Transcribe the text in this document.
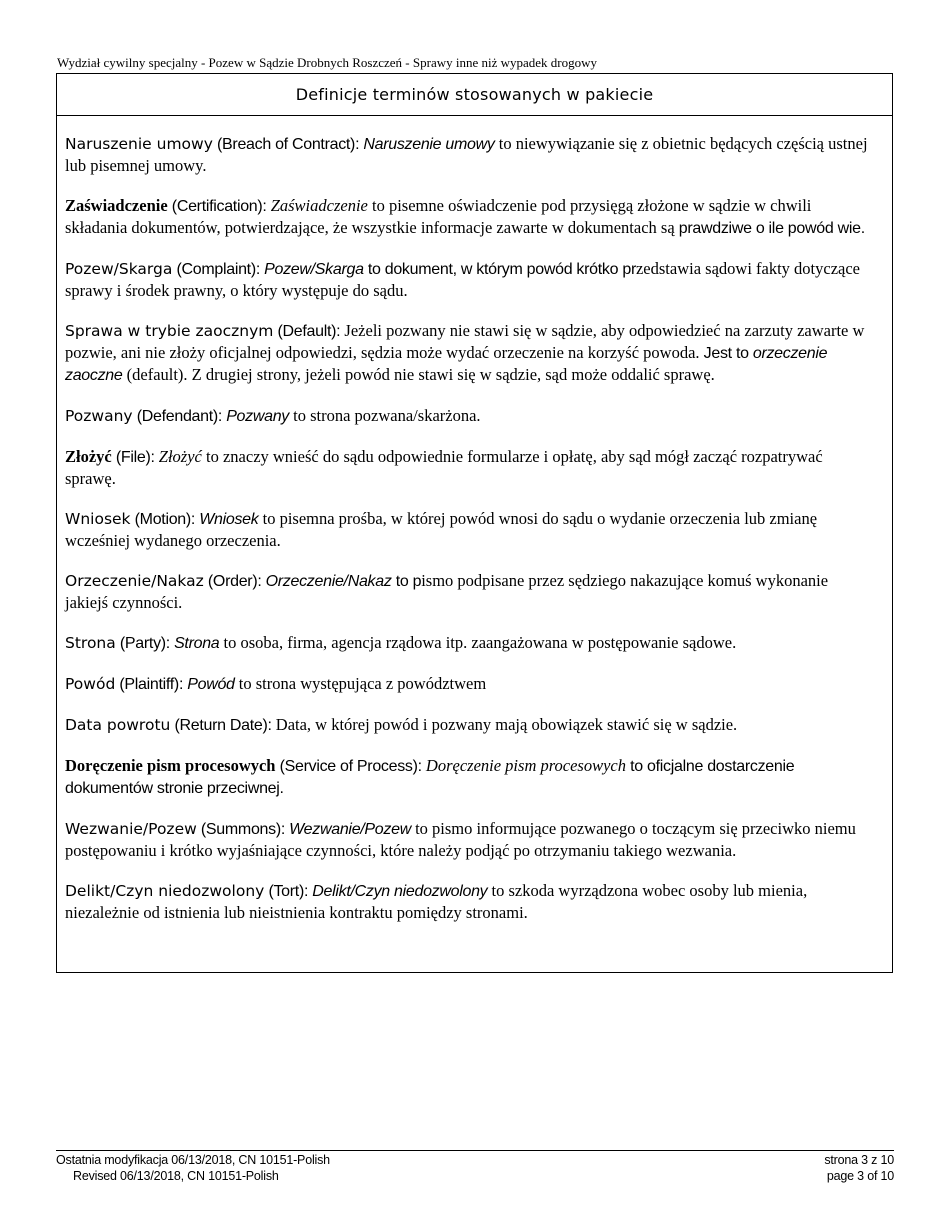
Wydział cywilny specjalny - Pozew w Sądzie Drobnych Roszczeń - Sprawy inne niż wypadek drogowy
Definicje terminów stosowanych w pakiecie

Naruszenie umowy (Breach of Contract): Naruszenie umowy to niewywiązanie się z obietnic będących częścią ustnej lub pisemnej umowy.

Zaświadczenie (Certification): Zaświadczenie to pisemne oświadczenie pod przysięgą złożone w sądzie w chwili składania dokumentów, potwierdzające, że wszystkie informacje zawarte w dokumentach są prawdziwe o ile powód wie.

Pozew/Skarga (Complaint): Pozew/Skarga to dokument, w którym powód krótko przedstawia sądowi fakty dotyczące sprawy i środek prawny, o który występuje do sądu.

Sprawa w trybie zaocznym (Default): Jeżeli pozwany nie stawi się w sądzie, aby odpowiedzieć na zarzuty zawarte w pozwie, ani nie złoży oficjalnej odpowiedzi, sędzia może wydać orzeczenie na korzyść powoda. Jest to orzeczenie zaoczne (default). Z drugiej strony, jeżeli powód nie stawi się w sądzie, sąd może oddalić sprawę.

Pozwany (Defendant): Pozwany to strona pozwana/skarżona.

Złożyć (File): Złożyć to znaczy wnieść do sądu odpowiednie formularze i opłatę, aby sąd mógł zacząć rozpatrywać sprawę.

Wniosek (Motion): Wniosek to pisemna prośba, w której powód wnosi do sądu o wydanie orzeczenia lub zmianę wcześniej wydanego orzeczenia.

Orzeczenie/Nakaz (Order): Orzeczenie/Nakaz to pismo podpisane przez sędziego nakazujące komuś wykonanie jakiejś czynności.

Strona (Party): Strona to osoba, firma, agencja rządowa itp. zaangażowana w postępowanie sądowe.

Powód (Plaintiff): Powód to strona występująca z powództwem

Data powrotu (Return Date): Data, w której powód i pozwany mają obowiązek stawić się w sądzie.

Doręczenie pism procesowych (Service of Process): Doręczenie pism procesowych to oficjalne dostarczenie dokumentów stronie przeciwnej.

Wezwanie/Pozew (Summons): Wezwanie/Pozew to pismo informujące pozwanego o toczącym się przeciwko niemu postępowaniu i krótko wyjaśniające czynności, które należy podjąć po otrzymaniu takiego wezwania.

Delikt/Czyn niedozwolony (Tort): Delikt/Czyn niedozwolony to szkoda wyrządzona wobec osoby lub mienia, niezależnie od istnienia lub nieistnienia kontraktu pomiędzy stronami.

Ostatnia modyfikacja 06/13/2018, CN 10151-Polish
Revised 06/13/2018, CN 10151-Polish
strona 3 z 10
page 3 of 10
